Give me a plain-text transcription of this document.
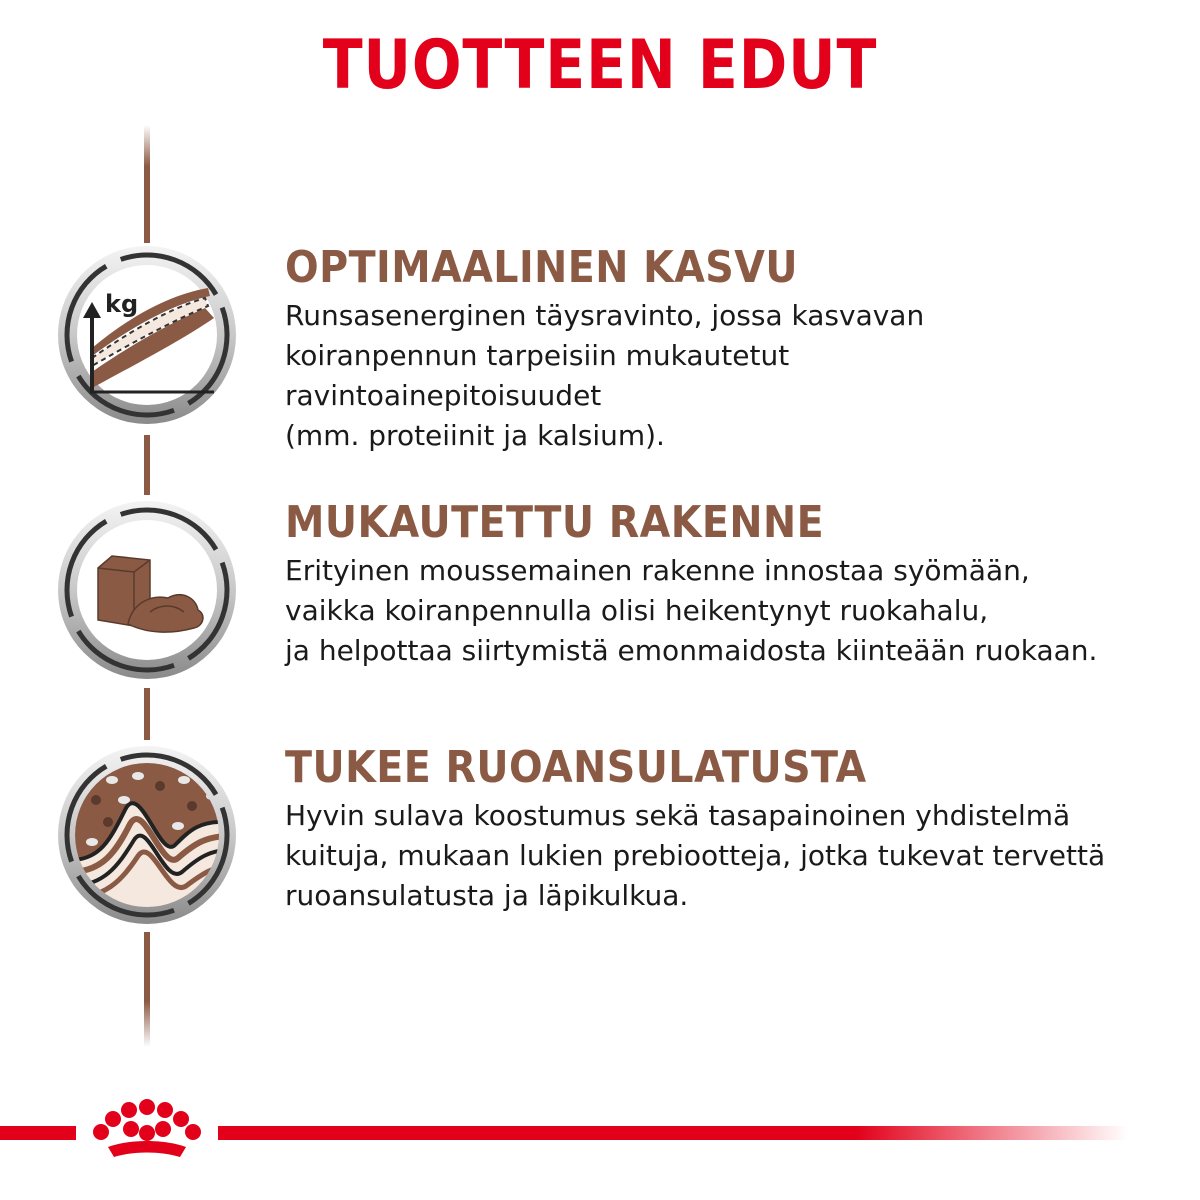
TUOTTEEN EDUT
kg
OPTIMAALINEN KASVU
Runsasenerginen täysravinto, jossa kasvavan
koiranpennun tarpeisiin mukautetut
ravintoainepitoisuudet
(mm. proteiinit ja kalsium).
MUKAUTETTU RAKENNE
Erityinen moussemainen rakenne innostaa syömään,
vaikka koiranpennulla olisi heikentynyt ruokahalu,
ja helpottaa siirtymistä emonmaidosta kiinteään ruokaan.
TUKEE RUOANSULATUSTA
Hyvin sulava koostumus sekä tasapainoinen yhdistelmä
kuituja, mukaan lukien prebiootteja, jotka tukevat tervettä
ruoansulatusta ja läpikulkua.
